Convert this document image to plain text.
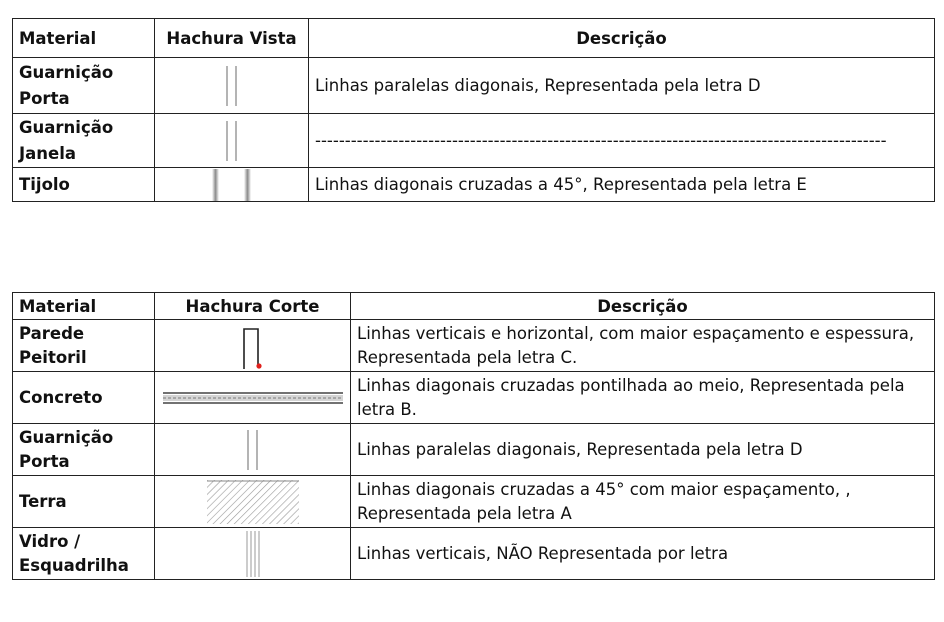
Material	Hachura Vista	Descrição
Guarnição Porta		Linhas paralelas diagonais, Representada pela letra D
Guarnição Janela		------------------------------------------------------------------------------------------------
Tijolo		Linhas diagonais cruzadas a 45°, Representada pela letra E
Material	Hachura Corte	Descrição
Parede Peitoril		Linhas verticais e horizontal, com maior espaçamento e espessura, Representada pela letra C.
Concreto		Linhas diagonais cruzadas pontilhada ao meio, Representada pela letra B.
Guarnição Porta		Linhas paralelas diagonais, Representada pela letra D
Terra		Linhas diagonais cruzadas a 45° com maior espaçamento, , Representada pela letra A
Vidro / Esquadrilha		Linhas verticais, NÃO Representada por letra
